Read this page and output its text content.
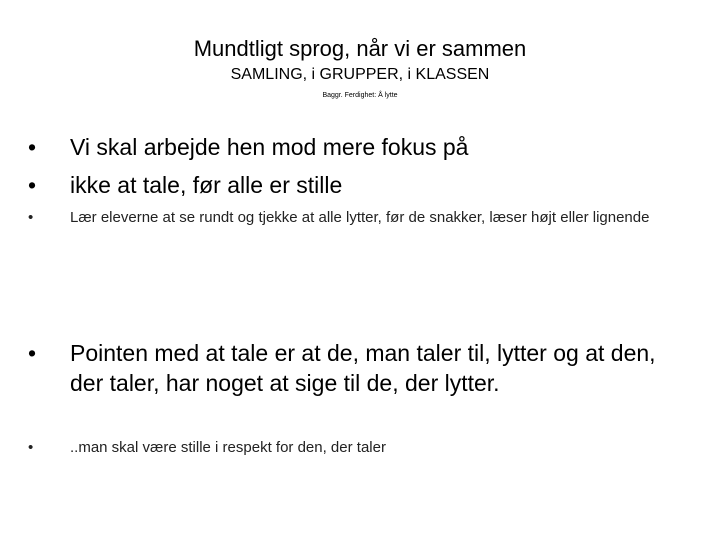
Mundtligt sprog, når vi er sammen
SAMLING, i GRUPPER, i KLASSEN
Baggr. Ferdighet: Å lytte
• Vi skal arbejde hen mod mere fokus på
• ikke at tale, før alle er stille
• Lær eleverne at se rundt og tjekke at alle lytter, før de snakker, læser højt eller lignende
• Pointen med at tale er at de, man taler til, lytter og at den, der taler, har noget at sige til de, der lytter.
• ..man skal være stille i respekt for den, der taler
